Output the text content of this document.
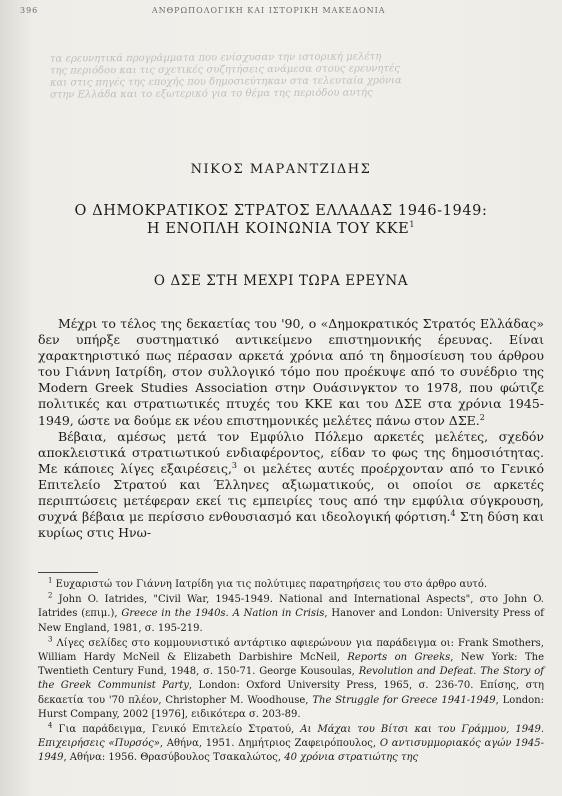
396	ΑΝΘΡΩΠΟΛΟΓΙΚΗ ΚΑΙ ΙΣΤΟΡΙΚΗ ΜΑΚΕΔΟΝΙΑ
τα ερευνητικά προγράμματα που ενίσχυσαν την ιστορική μελέτη
της περιόδου και τις σχετικές συζητήσεις ανάμεσα στους ερευνητές
και στις πηγές της εποχής που δημοσιεύτηκαν στα τελευταία χρόνια
στην Ελλάδα και το εξωτερικό για το θέμα της περιόδου αυτής
ΝΙΚΟΣ ΜΑΡΑΝΤΖΙΔΗΣ
Ο ΔΗΜΟΚΡΑΤΙΚΟΣ ΣΤΡΑΤΟΣ ΕΛΛΑΔΑΣ 1946-1949:
Η ΕΝΟΠΛΗ ΚΟΙΝΩΝΙΑ ΤΟΥ ΚΚΕ$^1$
Ο ΔΣΕ ΣΤΗ ΜΕΧΡΙ ΤΩΡΑ ΕΡΕΥΝΑ

Μέχρι το τέλος της δεκαετίας του '90, ο «Δημοκρατικός Στρατός Ελλάδας» δεν υπήρξε συστηματικό αντικείμενο επιστημονικής έρευνας. Είναι χαρακτηριστικό πως πέρασαν αρκετά χρόνια από τη δημοσίευση του άρθρου του Γιάννη Ιατρίδη, στον συλλογικό τόμο που προέκυψε από το συνέδριο της Modern Greek Studies Association στην Ουάσινγκτον το 1978, που φώτιζε πολιτικές και στρατιωτικές πτυχές του ΚΚΕ και του ΔΣΕ στα χρόνια 1945-1949, ώστε να δούμε εκ νέου επιστημονικές μελέτες πάνω στον ΔΣΕ.$^2$

Βέβαια, αμέσως μετά τον Εμφύλιο Πόλεμο αρκετές μελέτες, σχεδόν αποκλειστικά στρατιωτικού ενδιαφέροντος, είδαν το φως της δημοσιότητας. Με κάποιες λίγες εξαιρέσεις,$^3$ οι μελέτες αυτές προέρχονταν από το Γενικό Επιτελείο Στρατού και Έλληνες αξιωματικούς, οι οποίοι σε αρκετές περιπτώσεις μετέφεραν εκεί τις εμπειρίες τους από την εμφύλια σύγκρουση, συχνά βέβαια με περίσσιο ενθουσιασμό και ιδεολογική φόρτιση.$^4$ Στη δύση και κυρίως στις Ηνω-

$^1$ Ευχαριστώ τον Γιάννη Ιατρίδη για τις πολύτιμες παρατηρήσεις του στο άρθρο αυτό.

$^2$ John O. Iatrides, "Civil War, 1945-1949. National and International Aspects", στο John O. Iatrides (επιμ.), Greece in the 1940s. A Nation in Crisis, Hanover and London: University Press of New England, 1981, σ. 195-219.

$^3$ Λίγες σελίδες στο κομμουνιστικό αντάρτικο αφιερώνουν για παράδειγμα οι: Frank Smothers, William Hardy McNeil & Elizabeth Darbishire McNeil, Reports on Greeks, New York: The Twentieth Century Fund, 1948, σ. 150-71. George Kousoulas, Revolution and Defeat. The Story of the Greek Communist Party, London: Oxford University Press, 1965, σ. 236-70. Επίσης, στη δεκαετία του '70 πλέον, Christopher M. Woodhouse, The Struggle for Greece 1941-1949, London: Hurst Company, 2002 [1976], ειδικότερα σ. 203-89.

$^4$ Για παράδειγμα, Γενικό Επιτελείο Στρατού, Αι Μάχαι του Βίτσι και του Γράμμου, 1949. Επιχειρήσεις «Πυρσός», Αθήνα, 1951. Δημήτριος Ζαφειρόπουλος, Ο αντισυμμοριακός αγών 1945-1949, Αθήνα: 1956. Θρασύβουλος Τσακαλώτος, 40 χρόνια στρατιώτης της
